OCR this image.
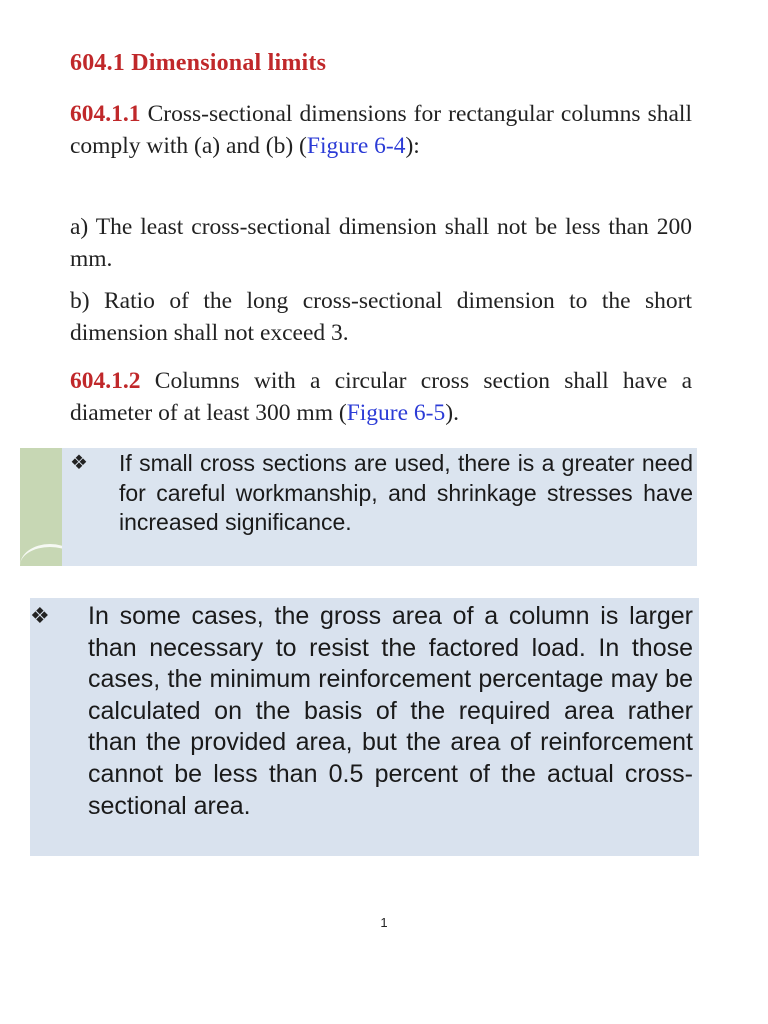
604.1 Dimensional limits
604.1.1 Cross-sectional dimensions for rectangular columns shall comply with (a) and (b) (Figure 6-4):
a) The least cross-sectional dimension shall not be less than 200 mm.
b) Ratio of the long cross-sectional dimension to the short dimension shall not exceed 3.
604.1.2 Columns with a circular cross section shall have a diameter of at least 300 mm (Figure 6-5).
❖ If small cross sections are used, there is a greater need for careful workmanship, and shrinkage stresses have increased significance.
❖ In some cases, the gross area of a column is larger than necessary to resist the factored load. In those cases, the minimum reinforcement percentage may be calculated on the basis of the required area rather than the provided area, but the area of reinforcement cannot be less than 0.5 percent of the actual cross-sectional area.
1
